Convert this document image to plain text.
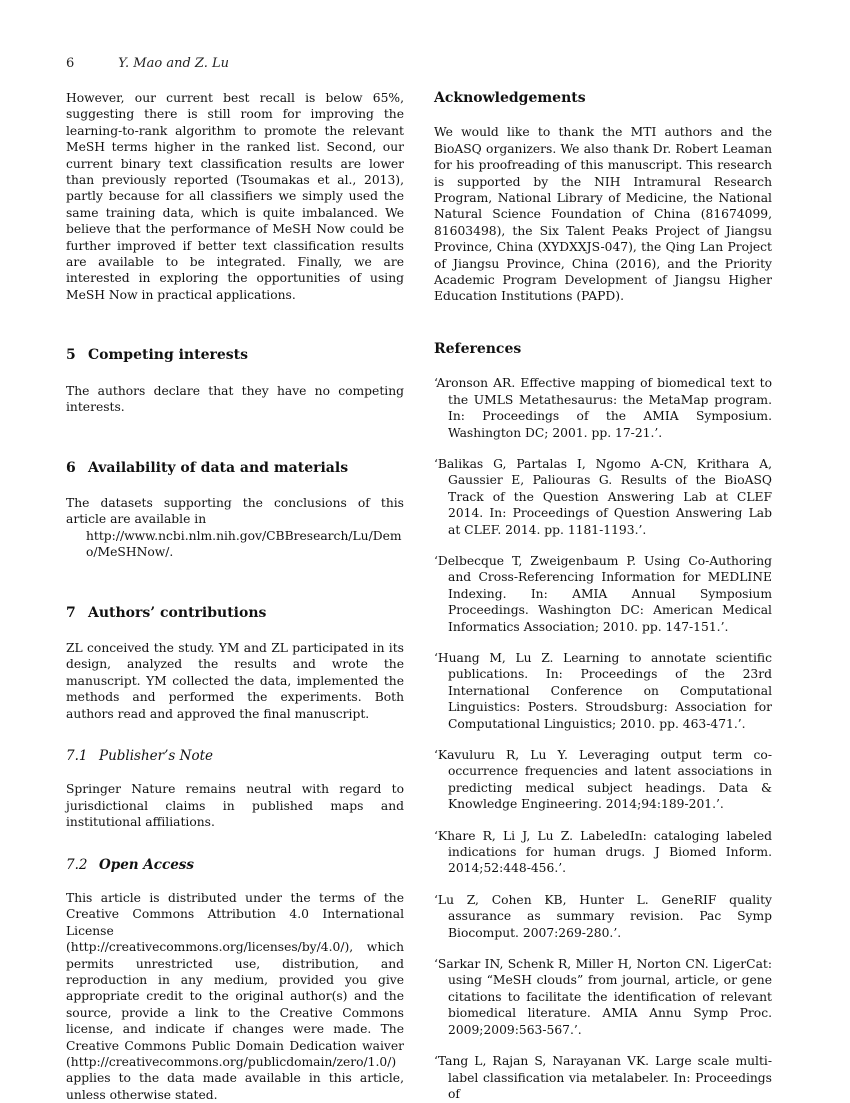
6	Y. Mao and Z. Lu

However, our current best recall is below 65%, suggesting there is still room for improving the learning-to-rank algorithm to promote the relevant MeSH terms higher in the ranked list. Second, our current binary text classification results are lower than previously reported (Tsoumakas et al., 2013), partly because for all classifiers we simply used the same training data, which is quite imbalanced. We believe that the performance of MeSH Now could be further improved if better text classification results are available to be integrated. Finally, we are interested in exploring the opportunities of using MeSH Now in practical applications.

5 Competing interests

The authors declare that they have no competing interests.

6 Availability of data and materials

The datasets supporting the conclusions of this article are available in

http://www.ncbi.nlm.nih.gov/CBBresearch/Lu/Demo/MeSHNow/.

7 Authors’ contributions

ZL conceived the study. YM and ZL participated in its design, analyzed the results and wrote the manuscript. YM collected the data, implemented the methods and performed the experiments. Both authors read and approved the final manuscript.

7.1 Publisher’s Note

Springer Nature remains neutral with regard to jurisdictional claims in published maps and institutional affiliations.

7.2 Open Access

This article is distributed under the terms of the Creative Commons Attribution 4.0 International License (http://creativecommons.org/licenses/by/4.0/), which permits unrestricted use, distribution, and reproduction in any medium, provided you give appropriate credit to the original author(s) and the source, provide a link to the Creative Commons license, and indicate if changes were made. The Creative Commons Public Domain Dedication waiver (http://creativecommons.org/publicdomain/zero/1.0/) applies to the data made available in this article, unless otherwise stated.

Acknowledgements

We would like to thank the MTI authors and the BioASQ organizers. We also thank Dr. Robert Leaman for his proofreading of this manuscript. This research is supported by the NIH Intramural Research Program, National Library of Medicine, the National Natural Science Foundation of China (81674099, 81603498), the Six Talent Peaks Project of Jiangsu Province, China (XYDXXJS-047), the Qing Lan Project of Jiangsu Province, China (2016), and the Priority Academic Program Development of Jiangsu Higher Education Institutions (PAPD).

References

‘Aronson AR. Effective mapping of biomedical text to the UMLS Metathesaurus: the MetaMap program. In: Proceedings of the AMIA Symposium. Washington DC; 2001. pp. 17-21.’.

‘Balikas G, Partalas I, Ngomo A-CN, Krithara A, Gaussier E, Paliouras G. Results of the BioASQ Track of the Question Answering Lab at CLEF 2014. In: Proceedings of Question Answering Lab at CLEF. 2014. pp. 1181-1193.’.

‘Delbecque T, Zweigenbaum P. Using Co-Authoring and Cross-Referencing Information for MEDLINE Indexing. In: AMIA Annual Symposium Proceedings. Washington DC: American Medical Informatics Association; 2010. pp. 147-151.’.

‘Huang M, Lu Z. Learning to annotate scientific publications. In: Proceedings of the 23rd International Conference on Computational Linguistics: Posters. Stroudsburg: Association for Computational Linguistics; 2010. pp. 463-471.’.

‘Kavuluru R, Lu Y. Leveraging output term co-occurrence frequencies and latent associations in predicting medical subject headings. Data & Knowledge Engineering. 2014;94:189-201.’.

‘Khare R, Li J, Lu Z. LabeledIn: cataloging labeled indications for human drugs. J Biomed Inform. 2014;52:448-456.’.

‘Lu Z, Cohen KB, Hunter L. GeneRIF quality assurance as summary revision. Pac Symp Biocomput. 2007:269-280.’.

‘Sarkar IN, Schenk R, Miller H, Norton CN. LigerCat: using “MeSH clouds” from journal, article, or gene citations to facilitate the identification of relevant biomedical literature. AMIA Annu Symp Proc. 2009;2009:563-567.’.

‘Tang L, Rajan S, Narayanan VK. Large scale multi-label classification via metalabeler. In: Proceedings of
